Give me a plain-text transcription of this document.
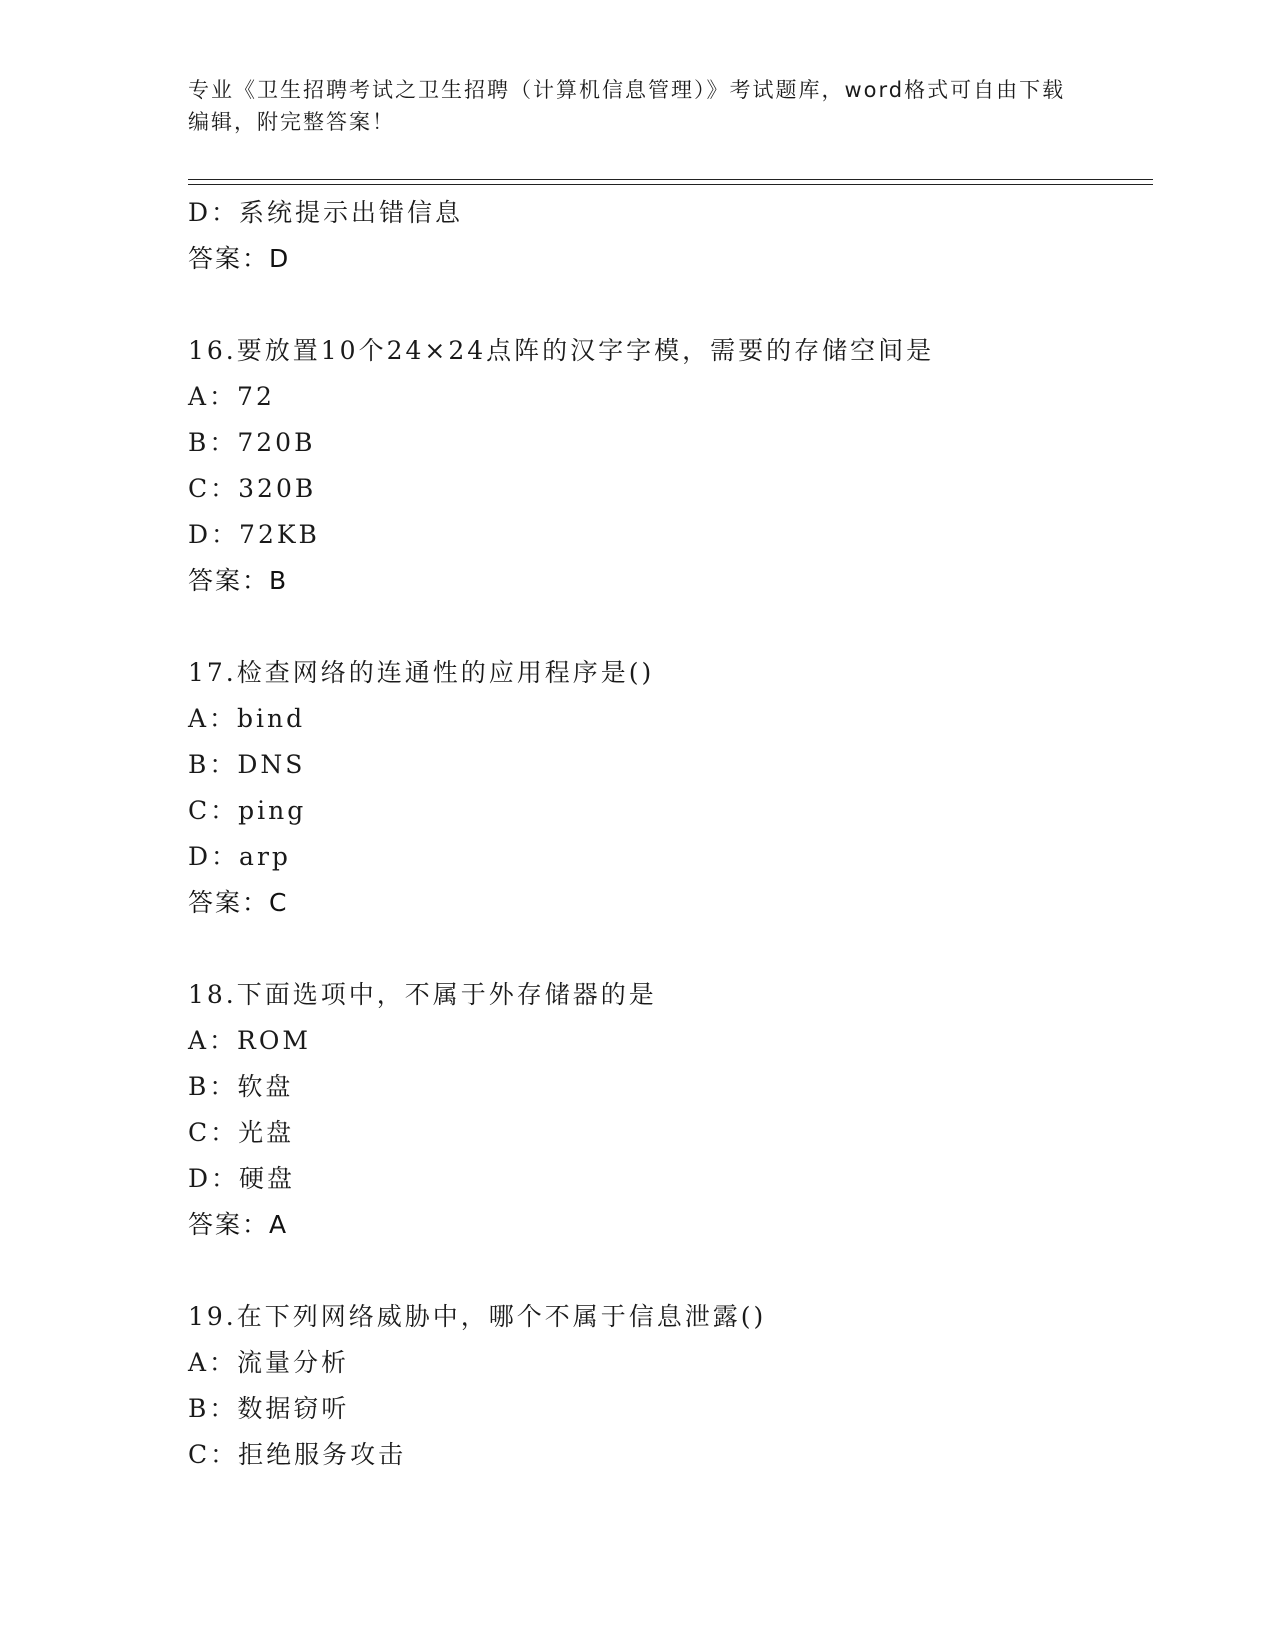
专业《卫生招聘考试之卫生招聘（计算机信息管理）》考试题库，word格式可自由下载编辑，附完整答案！
D：系统提示出错信息
答案：D
16.要放置10个24×24点阵的汉字字模，需要的存储空间是
A：72
B：720B
C：320B
D：72KB
答案：B
17.检查网络的连通性的应用程序是()
A：bind
B：DNS
C：ping
D：arp
答案：C
18.下面选项中，不属于外存储器的是
A：ROM
B：软盘
C：光盘
D：硬盘
答案：A
19.在下列网络威胁中，哪个不属于信息泄露()
A：流量分析
B：数据窃听
C：拒绝服务攻击
